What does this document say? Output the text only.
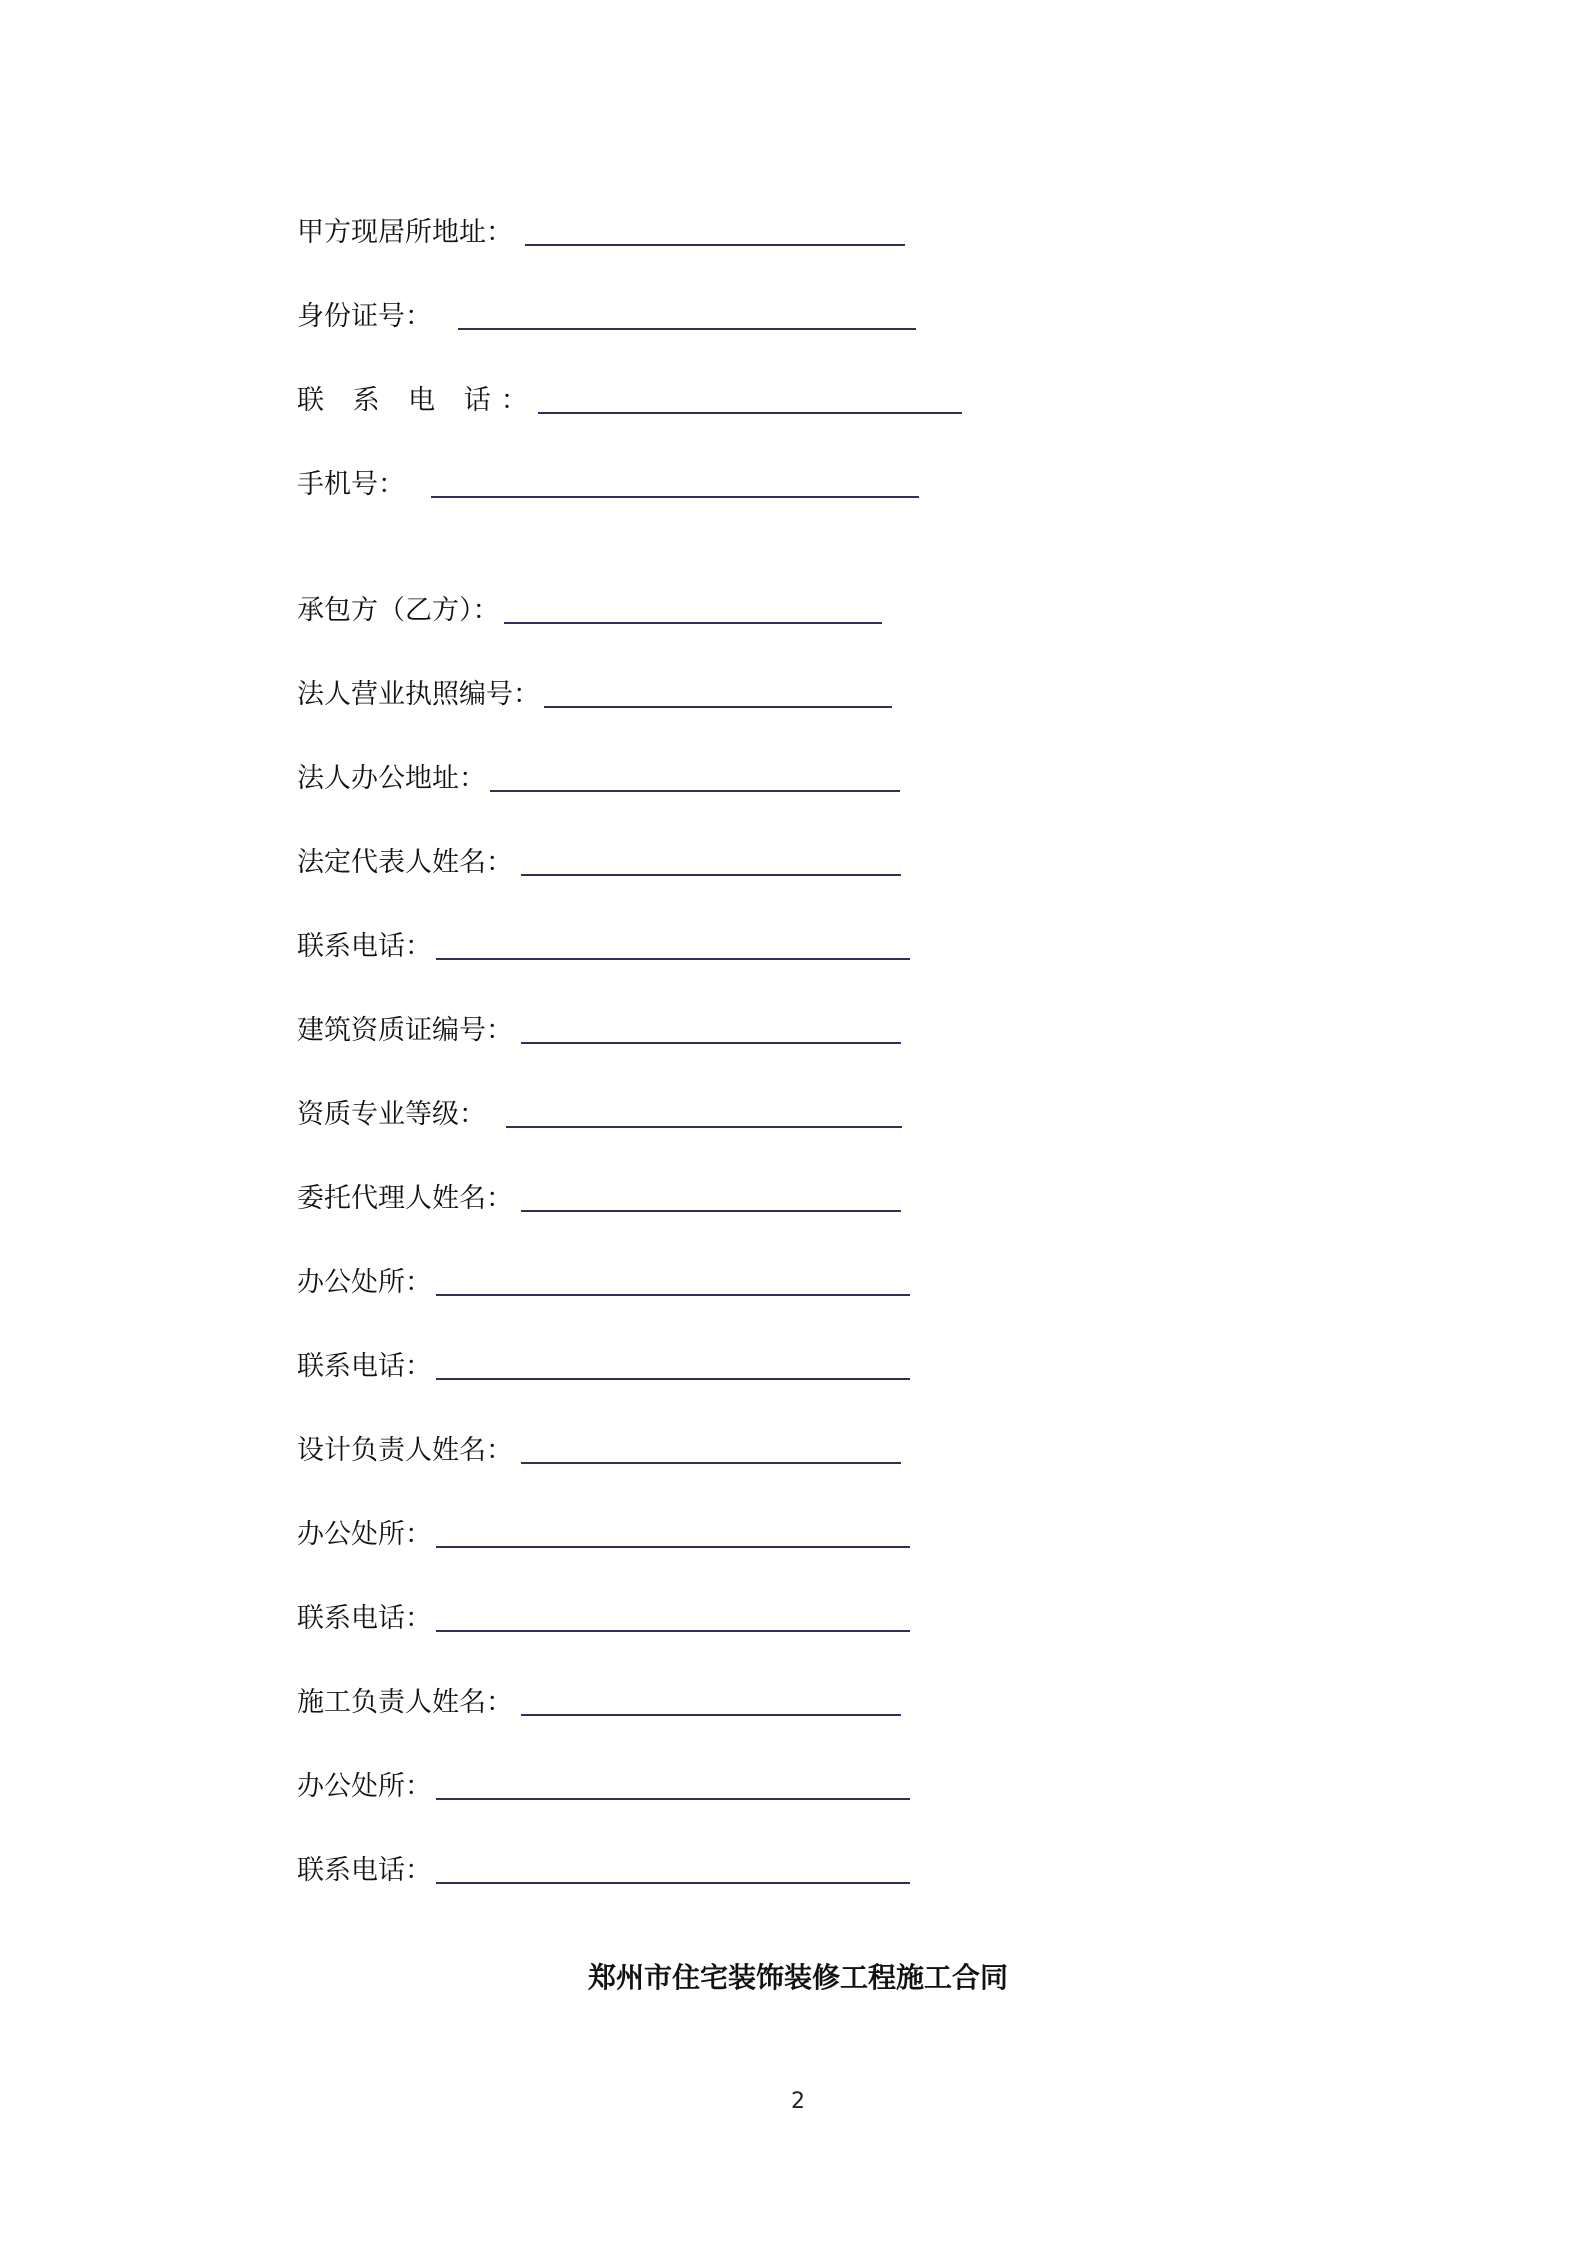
甲方现居所地址：
身份证号：
联 系 电 话：
手机号：
承包方（乙方）：
法人营业执照编号：
法人办公地址：
法定代表人姓名：
联系电话：
建筑资质证编号：
资质专业等级：
委托代理人姓名：
办公处所：
联系电话：
设计负责人姓名：
办公处所：
联系电话：
施工负责人姓名：
办公处所：
联系电话：
郑州市住宅装饰装修工程施工合同
2
